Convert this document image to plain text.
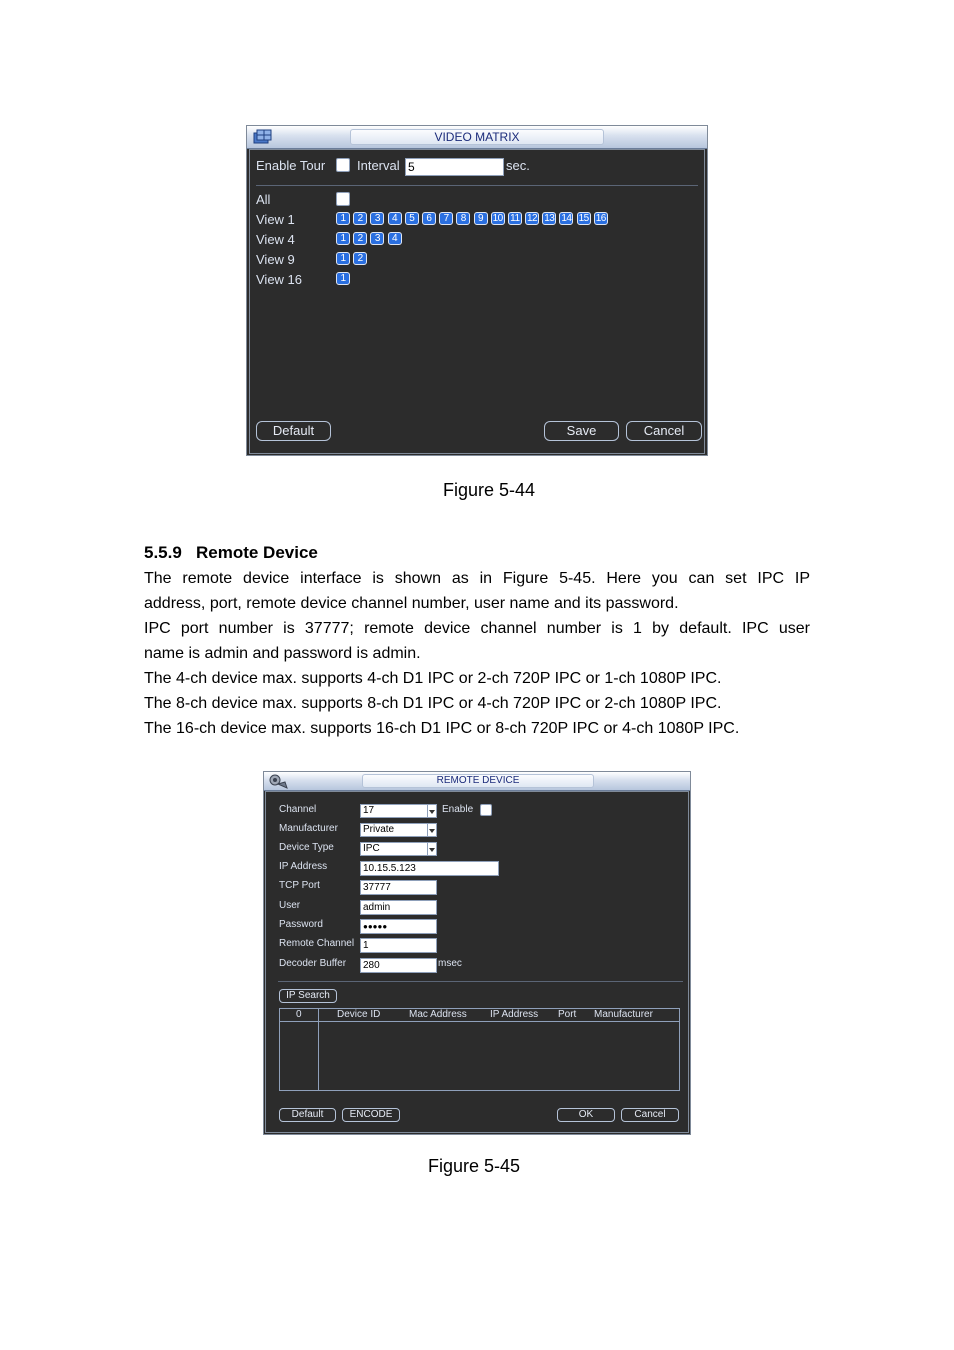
VIDEO MATRIX
Enable Tour Interval 5	sec.
All
View 1	1	2	3	4	5	6	7	8	9 10 11 12 13 14 15 16
View 4	1	2	3	4
View 9	1	2
View 16	1
Default	Save	Cancel
Figure 5-44
5.5.9   Remote Device
The remote device interface is shown as in Figure 5-45. Here you can set IPC IP
address, port, remote device channel number, user name and its password.
IPC port number is 37777; remote device channel number is 1 by default. IPC user
name is admin and password is admin.
The 4-ch device max. supports 4-ch D1 IPC or 2-ch 720P IPC or 1-ch 1080P IPC.
The 8-ch device max. supports 8-ch D1 IPC or 4-ch 720P IPC or 2-ch 1080P IPC.
The 16-ch device max. supports 16-ch D1 IPC or 8-ch 720P IPC or 4-ch 1080P IPC.
REMOTE DEVICE
Channel	17	Enable
Manufacturer	Private
Device Type	IPC
IP Address	10.15.5.123
TCP Port	37777
User	admin
Password	●●●●●
Remote Channel 1
Decoder Buffer	280	msec
IP Search
0	Device ID	Mac Address IP Address Port Manufacturer
Default	ENCODE	OK	Cancel
Figure 5-45
